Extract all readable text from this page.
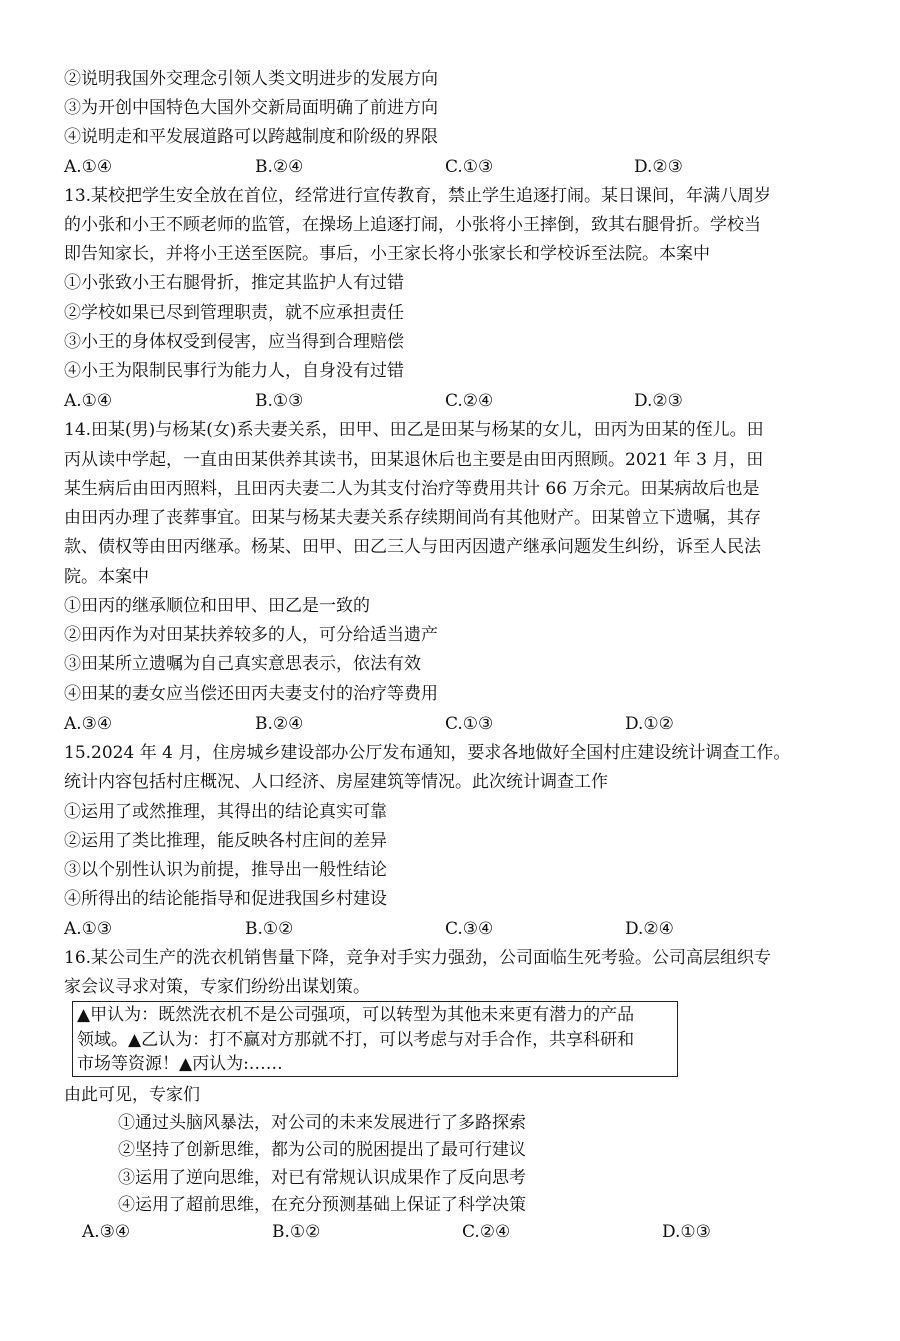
②说明我国外交理念引领人类文明进步的发展方向
③为开创中国特色大国外交新局面明确了前进方向
④说明走和平发展道路可以跨越制度和阶级的界限
A.①④	B.②④	C.①③	D.②③
13.某校把学生安全放在首位，经常进行宣传教育，禁止学生追逐打闹。某日课间，年满八周岁
的小张和小王不顾老师的监管，在操场上追逐打闹，小张将小王摔倒，致其右腿骨折。学校当
即告知家长，并将小王送至医院。事后，小王家长将小张家长和学校诉至法院。本案中
①小张致小王右腿骨折，推定其监护人有过错
②学校如果已尽到管理职责，就不应承担责任
③小王的身体权受到侵害，应当得到合理赔偿
④小王为限制民事行为能力人，自身没有过错
A.①④	B.①③	C.②④	D.②③
14.田某(男)与杨某(女)系夫妻关系，田甲、田乙是田某与杨某的女儿，田丙为田某的侄儿。田
丙从读中学起，一直由田某供养其读书，田某退休后也主要是由田丙照顾。2021 年 3 月，田
某生病后由田丙照料，且田丙夫妻二人为其支付治疗等费用共计 66 万余元。田某病故后也是
由田丙办理了丧葬事宜。田某与杨某夫妻关系存续期间尚有其他财产。田某曾立下遗嘱，其存
款、债权等由田丙继承。杨某、田甲、田乙三人与田丙因遗产继承问题发生纠纷，诉至人民法
院。本案中
①田丙的继承顺位和田甲、田乙是一致的
②田丙作为对田某扶养较多的人，可分给适当遗产
③田某所立遗嘱为自己真实意思表示，依法有效
④田某的妻女应当偿还田丙夫妻支付的治疗等费用
A.③④	B.②④	C.①③	D.①②
15.2024 年 4 月，住房城乡建设部办公厅发布通知，要求各地做好全国村庄建设统计调查工作。
统计内容包括村庄概况、人口经济、房屋建筑等情况。此次统计调查工作
①运用了或然推理，其得出的结论真实可靠
②运用了类比推理，能反映各村庄间的差异
③以个别性认识为前提，推导出一般性结论
④所得出的结论能指导和促进我国乡村建设
A.①③	B.①②	C.③④	D.②④
16.某公司生产的洗衣机销售量下降，竞争对手实力强劲，公司面临生死考验。公司高层组织专
家会议寻求对策，专家们纷纷出谋划策。
▲甲认为：既然洗衣机不是公司强项，可以转型为其他未来更有潜力的产品
领域。▲乙认为：打不赢对方那就不打，可以考虑与对手合作，共享科研和
市场等资源！▲丙认为:……
由此可见，专家们
①通过头脑风暴法，对公司的未来发展进行了多路探索
②坚持了创新思维，都为公司的脱困提出了最可行建议
③运用了逆向思维，对已有常规认识成果作了反向思考
④运用了超前思维，在充分预测基础上保证了科学决策
A.③④	B.①②	C.②④	D.①③
